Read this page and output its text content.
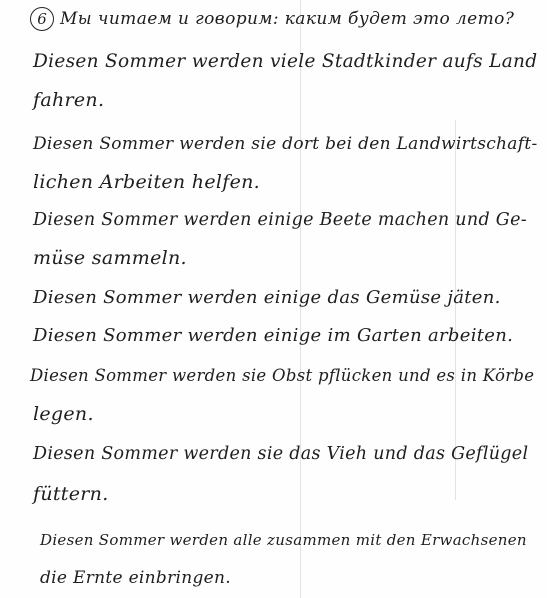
6 Мы читаем и говорим: каким будет это лето?
Diesen Sommer werden viele Stadtkinder aufs Land
fahren.
Diesen Sommer werden sie dort bei den Landwirtschaft-
lichen Arbeiten helfen.
Diesen Sommer werden einige Beete machen und Ge-
müse sammeln.
Diesen Sommer werden einige das Gemüse jäten.
Diesen Sommer werden einige im Garten arbeiten.
Diesen Sommer werden sie Obst pflücken und es in Körbe
legen.
Diesen Sommer werden sie das Vieh und das Geflügel
füttern.
Diesen Sommer werden alle zusammen mit den Erwachsenen
die Ernte einbringen.
